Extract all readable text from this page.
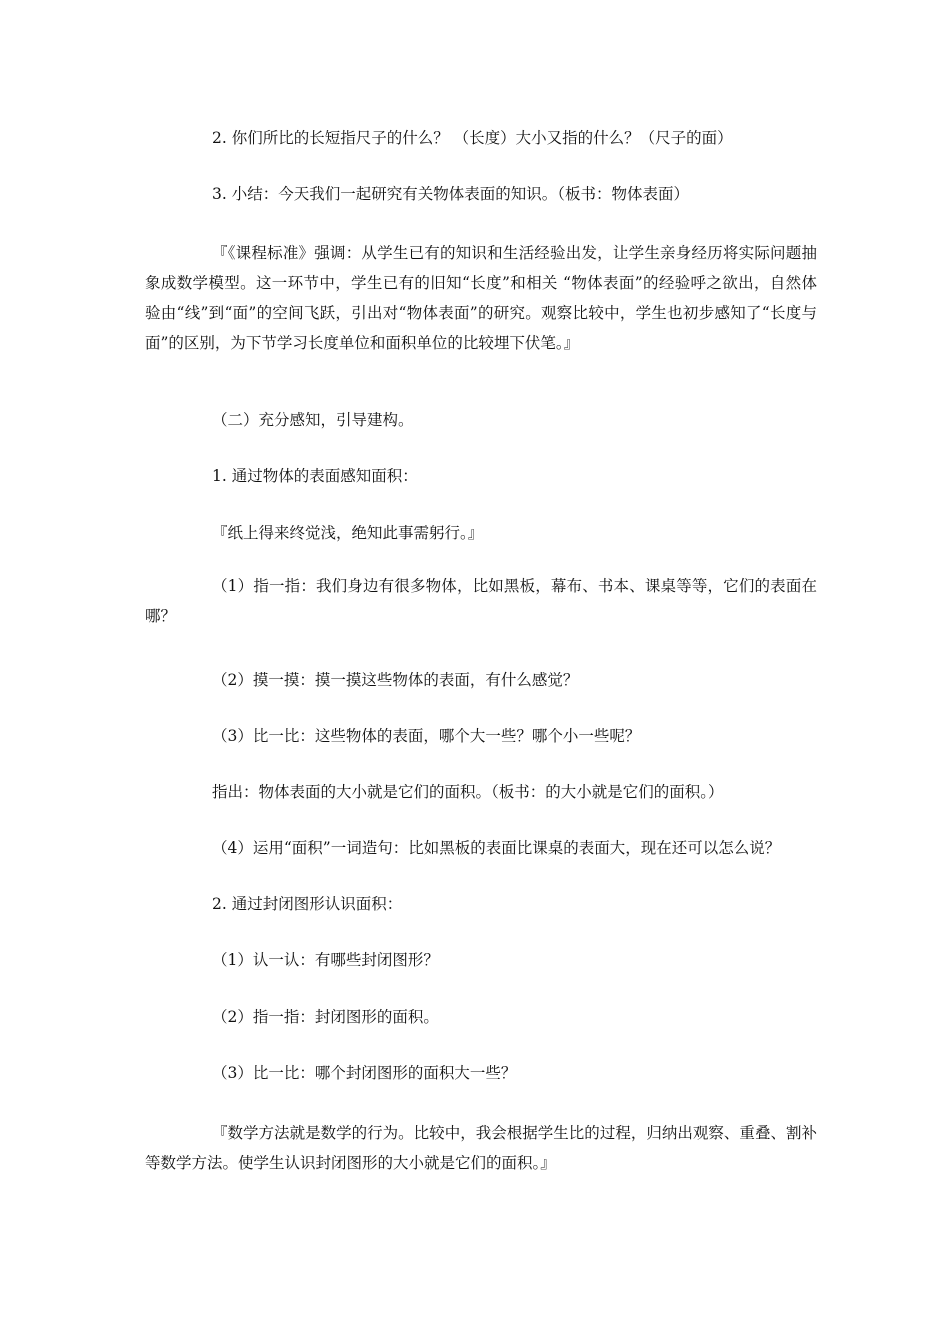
2. 你们所比的长短指尺子的什么？ （长度）大小又指的什么？（尺子的面）
3. 小结：今天我们一起研究有关物体表面的知识。（板书：物体表面）
『《课程标准》强调：从学生已有的知识和生活经验出发，让学生亲身经历将实际问题抽象成数学模型。这一环节中，学生已有的旧知“长度”和相关 “物体表面”的经验呼之欲出，自然体验由“线”到“面”的空间飞跃，引出对“物体表面”的研究。观察比较中，学生也初步感知了“长度与面”的区别，为下节学习长度单位和面积单位的比较埋下伏笔。』
（二）充分感知，引导建构。
1. 通过物体的表面感知面积：
『纸上得来终觉浅，绝知此事需躬行。』
（1）指一指：我们身边有很多物体，比如黑板，幕布、书本、课桌等等，它们的表面在哪？
（2）摸一摸：摸一摸这些物体的表面，有什么感觉？
（3）比一比：这些物体的表面，哪个大一些？哪个小一些呢？
指出：物体表面的大小就是它们的面积。（板书：的大小就是它们的面积。）
（4）运用“面积”一词造句：比如黑板的表面比课桌的表面大，现在还可以怎么说？
2. 通过封闭图形认识面积：
（1）认一认：有哪些封闭图形？
（2）指一指：封闭图形的面积。
（3）比一比：哪个封闭图形的面积大一些？
『数学方法就是数学的行为。比较中，我会根据学生比的过程，归纳出观察、重叠、割补等数学方法。使学生认识封闭图形的大小就是它们的面积。』
